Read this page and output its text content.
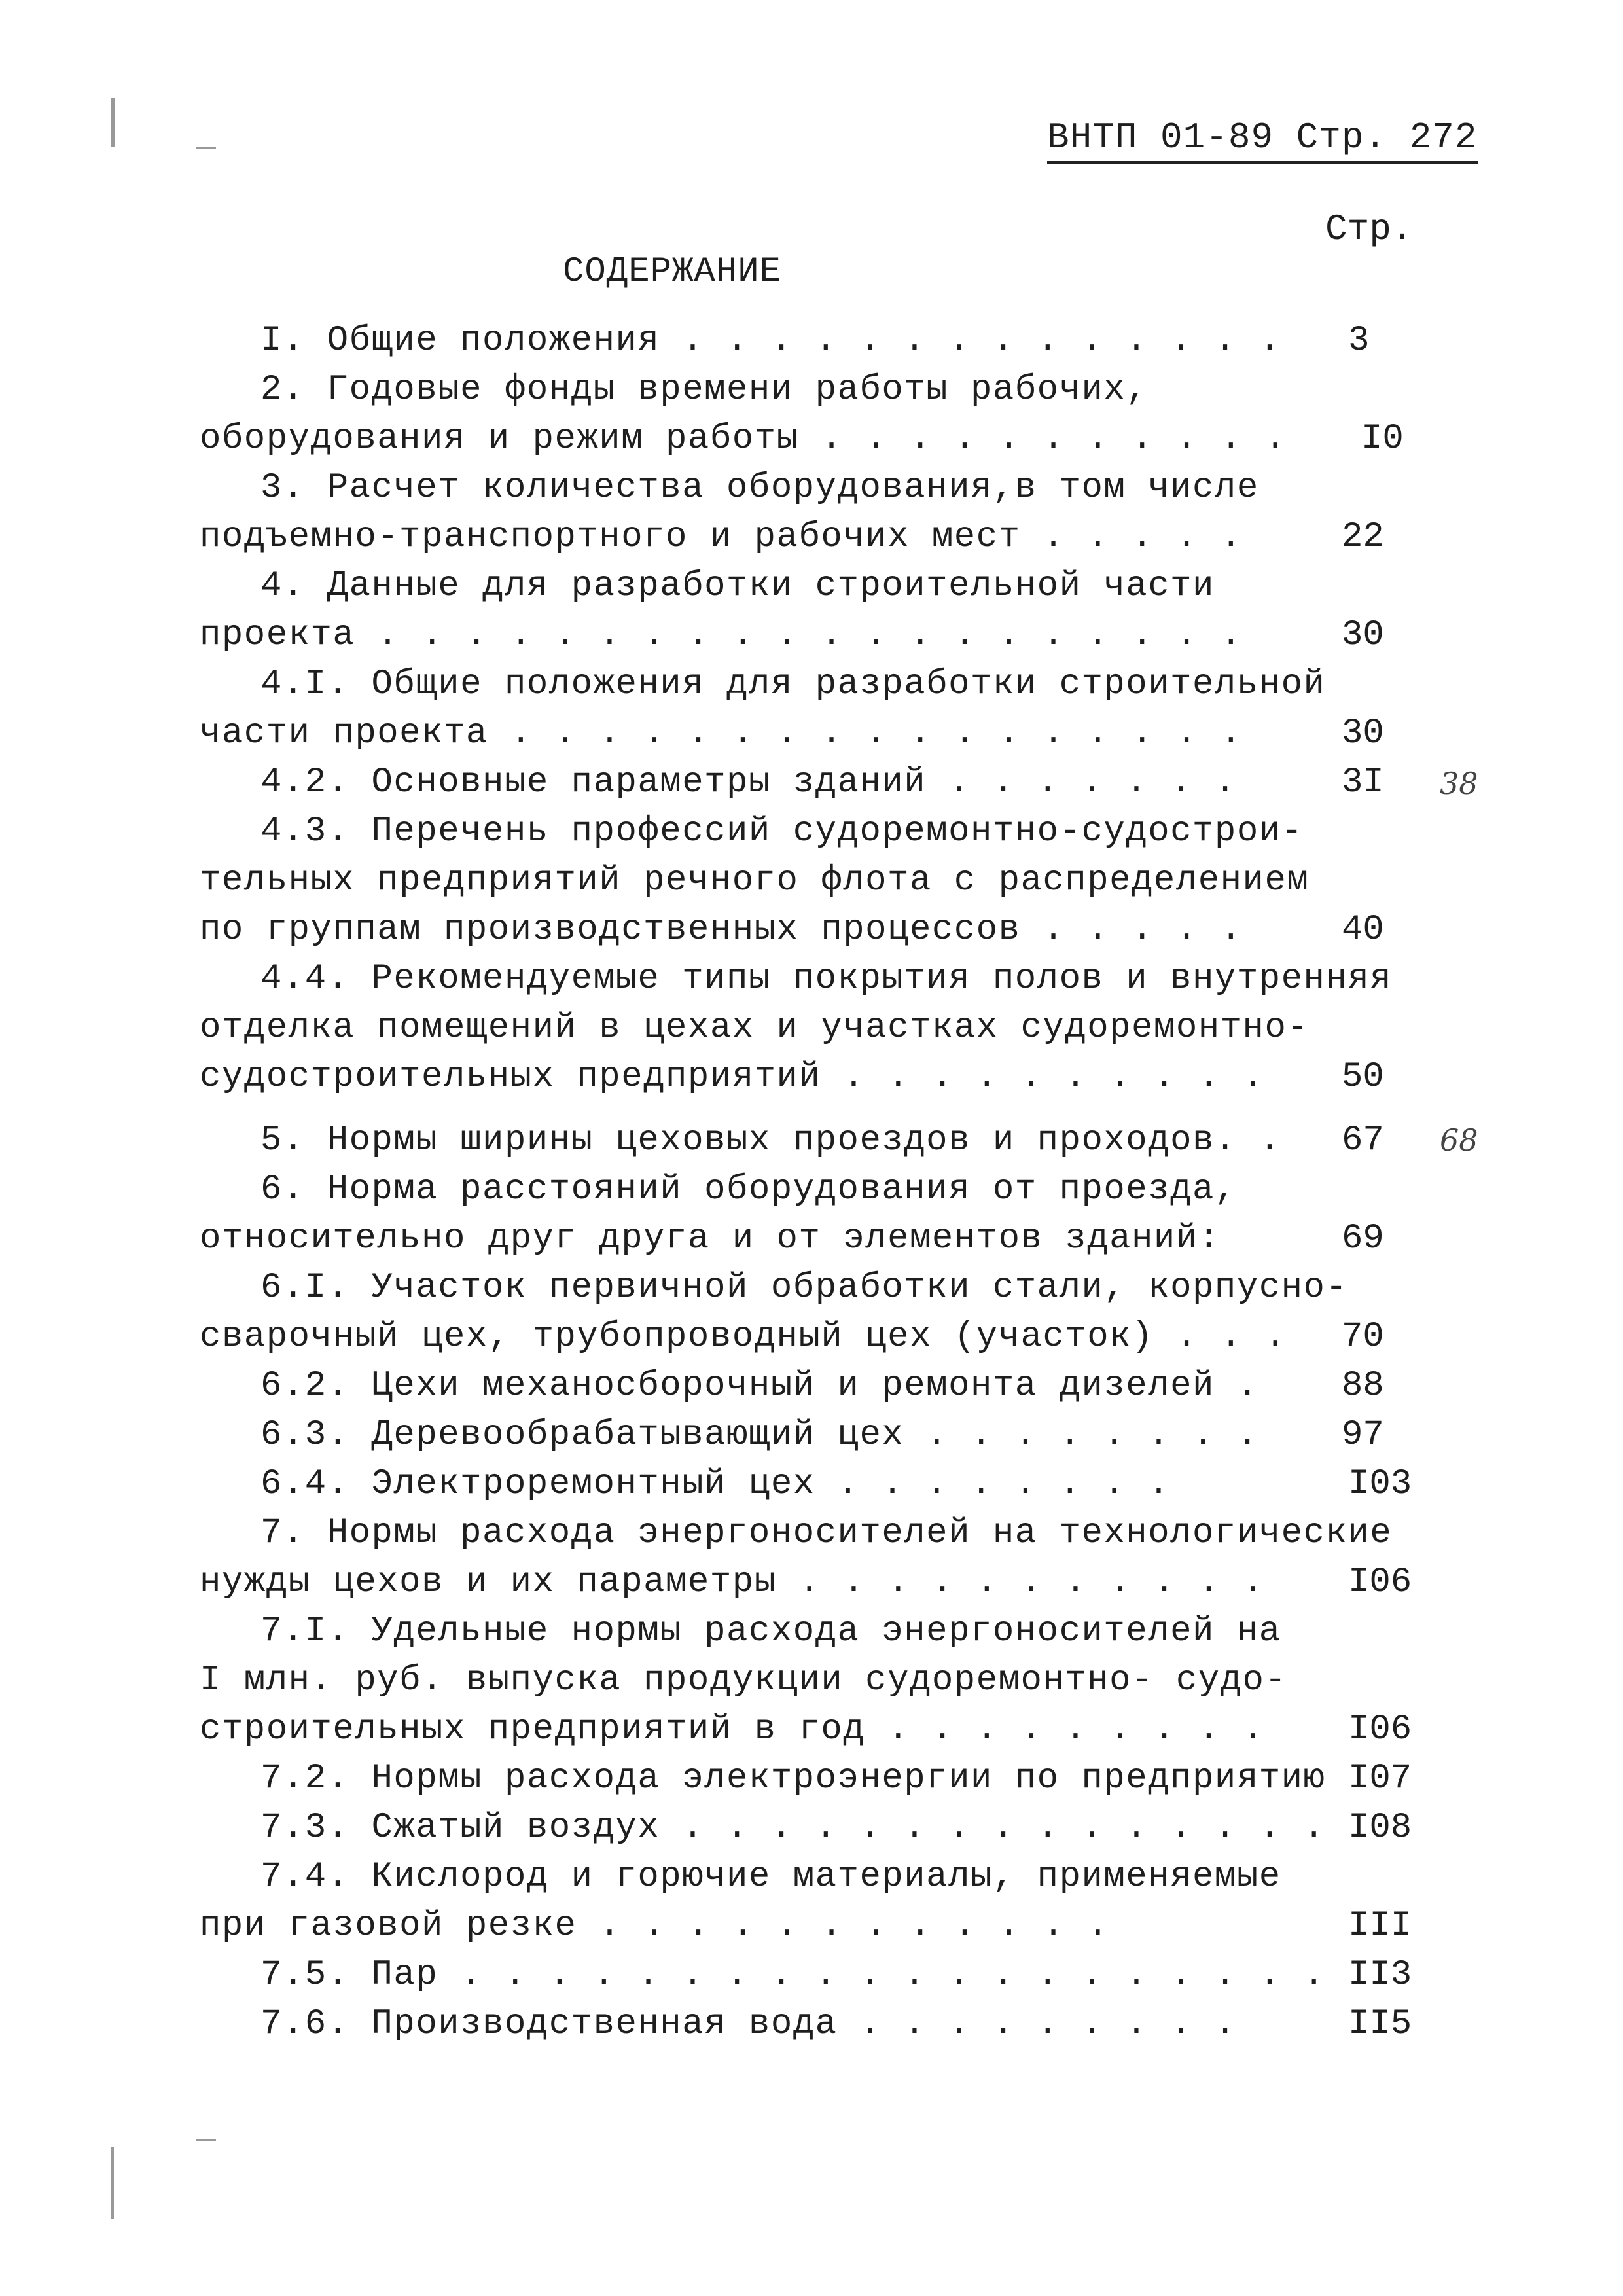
ВНТП 01-89 Стр. 272
Стр.
СОДЕРЖАНИЕ
I. Общие положения . . . . . . . . . . . . . .
2. Годовые фонды времени работы рабочих,
оборудования и режим работы . . . . . . . . . . .
3. Расчет количества оборудования,в том числе
подъемно-транспортного и рабочих мест . . . . .
4. Данные для разработки строительной части
проекта . . . . . . . . . . . . . . . . . . . .
4.I. Общие положения для разработки строительной
части проекта . . . . . . . . . . . . . . . . .
4.2. Основные параметры зданий . . . . . . .
4.3. Перечень профессий судоремонтно-судострои-
тельных предприятий речного флота с распределением
по группам производственных процессов . . . . .
4.4. Рекомендуемые типы покрытия полов и внутренняя
отделка помещений в цехах и участках судоремонтно-
судостроительных предприятий . . . . . . . . . .
5. Нормы ширины цеховых проездов и проходов. .
6. Норма расстояний оборудования от проезда,
относительно друг друга и от элементов зданий:
6.I. Участок первичной обработки стали, корпусно-
сварочный цех, трубопроводный цех (участок) . . .
6.2. Цехи механосборочный и ремонта дизелей .
6.3. Деревообрабатывающий цех . . . . . . . .
6.4. Электроремонтный цех . . . . . . . .
7. Нормы расхода энергоносителей на технологические
нужды цехов и их параметры . . . . . . . . . . .
7.I. Удельные нормы расхода энергоносителей на
I млн. руб. выпуска продукции судоремонтно- судо-
строительных предприятий в год . . . . . . . . .
7.2. Нормы расхода электроэнергии по предприятию
7.3. Сжатый воздух . . . . . . . . . . . . . . .
7.4. Кислород и горючие материалы, применяемые
при газовой резке . . . . . . . . . . . .
7.5. Пар . . . . . . . . . . . . . . . . . . . .
7.6. Производственная вода . . . . . . . . .
3
I0
22
30
30
3I
40
50
67
69
70
88
97
I03
I06
I06
I07
I08
III
II3
II5
38
68
